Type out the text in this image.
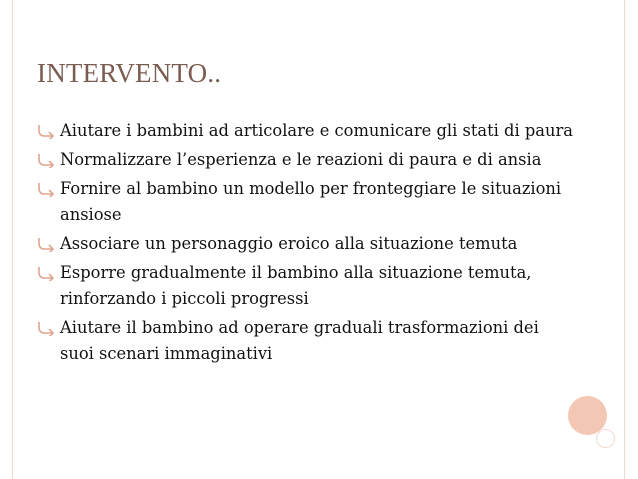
INTERVENTO..
Aiutare i bambini ad articolare e comunicare gli stati di paura
Normalizzare l’esperienza e le reazioni di paura e di ansia
Fornire al bambino un modello per fronteggiare le situazioni ansiose
Associare un personaggio eroico alla situazione temuta
Esporre gradualmente il bambino alla situazione temuta, rinforzando i piccoli progressi
Aiutare il bambino ad operare graduali trasformazioni dei suoi scenari immaginativi
